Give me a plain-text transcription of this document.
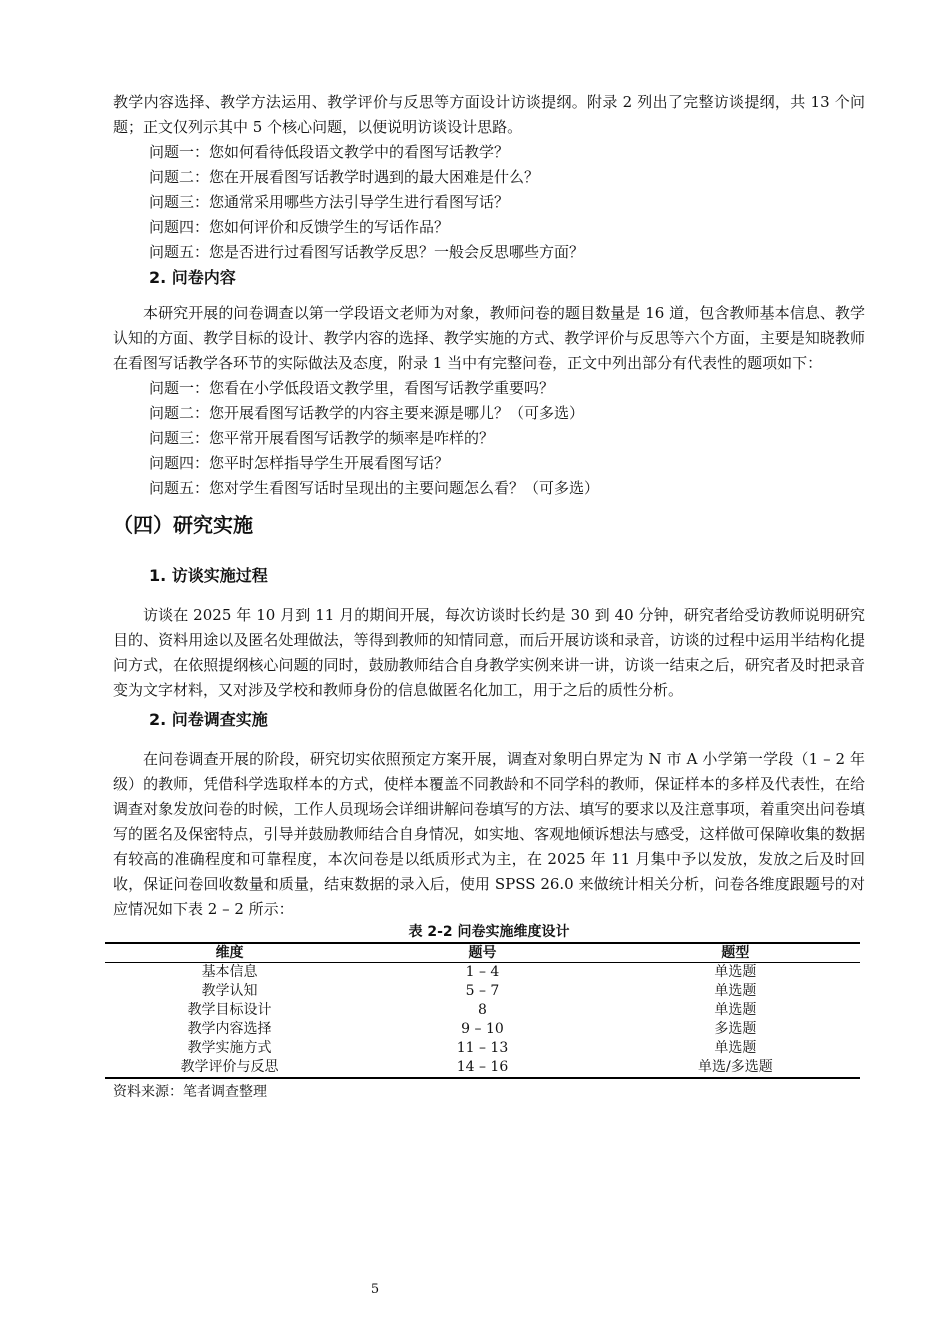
教学内容选择、教学方法运用、教学评价与反思等方面设计访谈提纲。附录 2 列出了完整访谈提纲，共 13 个问题；正文仅列示其中 5 个核心问题，以便说明访谈设计思路。

问题一：您如何看待低段语文教学中的看图写话教学？

问题二：您在开展看图写话教学时遇到的最大困难是什么？

问题三：您通常采用哪些方法引导学生进行看图写话？

问题四：您如何评价和反馈学生的写话作品？

问题五：您是否进行过看图写话教学反思？一般会反思哪些方面？

2. 问卷内容

本研究开展的问卷调查以第一学段语文老师为对象，教师问卷的题目数量是 16 道，包含教师基本信息、教学认知的方面、教学目标的设计、教学内容的选择、教学实施的方式、教学评价与反思等六个方面，主要是知晓教师在看图写话教学各环节的实际做法及态度，附录 1 当中有完整问卷，正文中列出部分有代表性的题项如下：

问题一：您看在小学低段语文教学里，看图写话教学重要吗？

问题二：您开展看图写话教学的内容主要来源是哪儿？（可多选）

问题三：您平常开展看图写话教学的频率是咋样的？

问题四：您平时怎样指导学生开展看图写话？

问题五：您对学生看图写话时呈现出的主要问题怎么看？（可多选）

（四）研究实施
1. 访谈实施过程

访谈在 2025 年 10 月到 11 月的期间开展，每次访谈时长约是 30 到 40 分钟，研究者给受访教师说明研究目的、资料用途以及匿名处理做法，等得到教师的知情同意，而后开展访谈和录音，访谈的过程中运用半结构化提问方式，在依照提纲核心问题的同时，鼓励教师结合自身教学实例来讲一讲，访谈一结束之后，研究者及时把录音变为文字材料，又对涉及学校和教师身份的信息做匿名化加工，用于之后的质性分析。

2. 问卷调查实施

在问卷调查开展的阶段，研究切实依照预定方案开展，调查对象明白界定为 N 市 A 小学第一学段（1 – 2 年级）的教师，凭借科学选取样本的方式，使样本覆盖不同教龄和不同学科的教师，保证样本的多样及代表性，在给调查对象发放问卷的时候，工作人员现场会详细讲解问卷填写的方法、填写的要求以及注意事项，着重突出问卷填写的匿名及保密特点，引导并鼓励教师结合自身情况，如实地、客观地倾诉想法与感受，这样做可保障收集的数据有较高的准确程度和可靠程度，本次问卷是以纸质形式为主，在 2025 年 11 月集中予以发放，发放之后及时回收，保证问卷回收数量和质量，结束数据的录入后，使用 SPSS 26.0 来做统计相关分析，问卷各维度跟题号的对应情况如下表 2 – 2 所示：

表 2-2 问卷实施维度设计
维度	题号	题型
基本信息	1 – 4	单选题
教学认知	5 – 7	单选题
教学目标设计	8	单选题
教学内容选择	9 – 10	多选题
教学实施方式	11 – 13	单选题
教学评价与反思	14 – 16	单选/多选题
资料来源：笔者调查整理
5
